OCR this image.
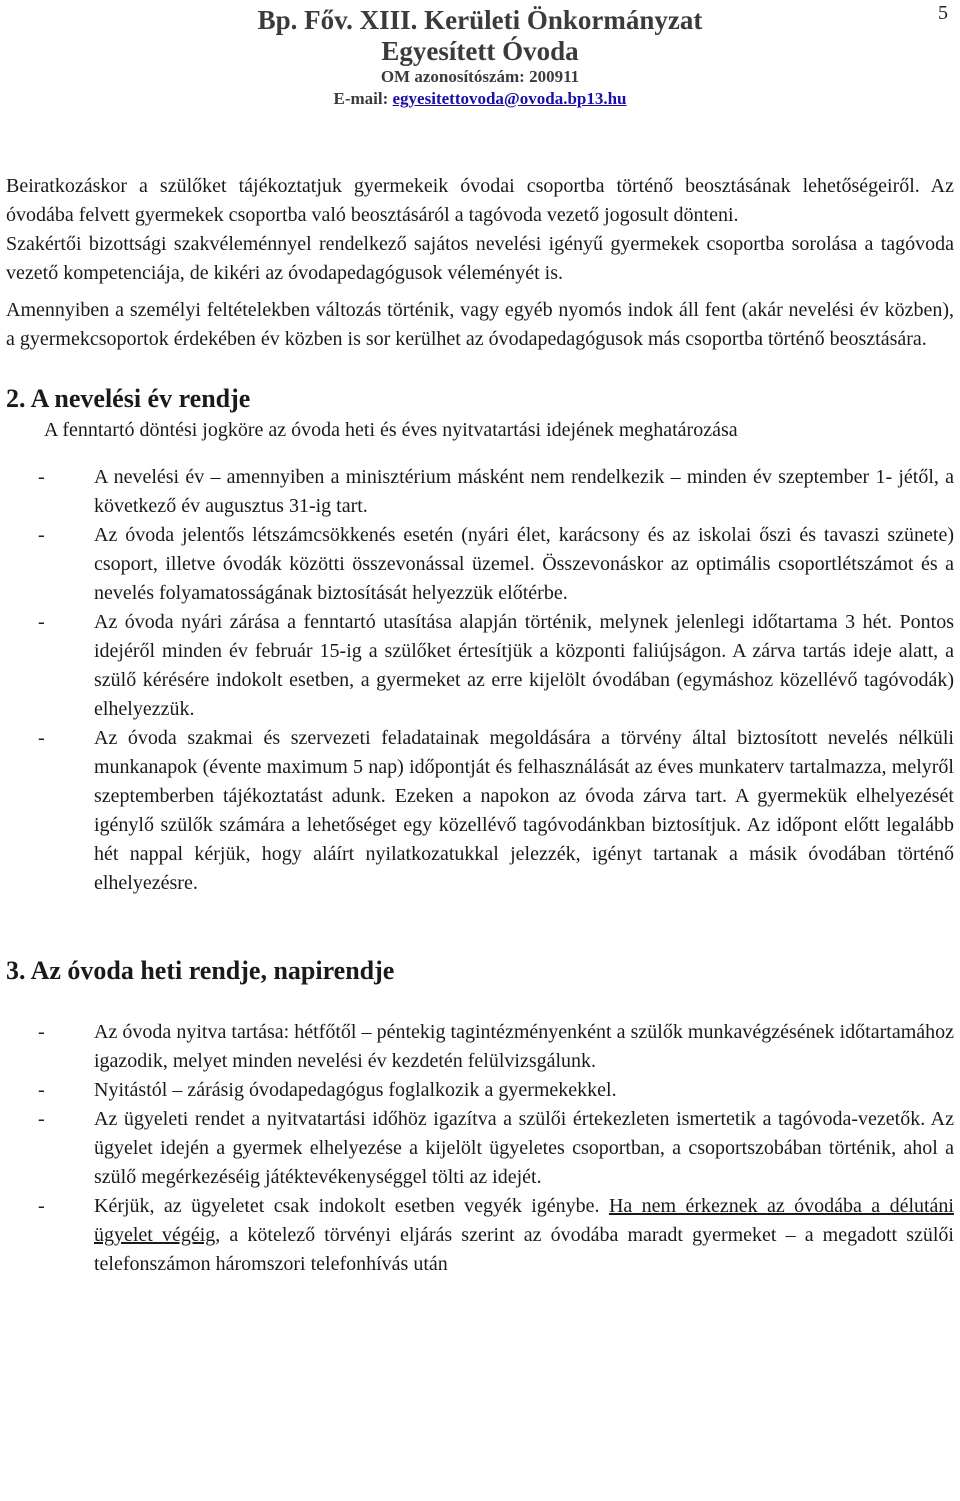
Bp. Főv. XIII. Kerületi Önkormányzat
Egyesített Óvoda
OM azonosítószám: 200911
E-mail: egyesitettovoda@ovoda.bp13.hu
5

Beiratkozáskor a szülőket tájékoztatjuk gyermekeik óvodai csoportba történő beosztásának lehetőségeiről. Az óvodába felvett gyermekek csoportba való beosztásáról a tagóvoda vezető jogosult dönteni.

Szakértői bizottsági szakvéleménnyel rendelkező sajátos nevelési igényű gyermekek csoportba sorolása a tagóvoda vezető kompetenciája, de kikéri az óvodapedagógusok véleményét is.

Amennyiben a személyi feltételekben változás történik, vagy egyéb nyomós indok áll fent (akár nevelési év közben), a gyermekcsoportok érdekében év közben is sor kerülhet az óvodapedagógusok más csoportba történő beosztására.

2. A nevelési év rendje

A fenntartó döntési jogköre az óvoda heti és éves nyitvatartási idejének meghatározása

- A nevelési év – amennyiben a minisztérium másként nem rendelkezik – minden év szeptember 1- jétől, a következő év augusztus 31-ig tart.
- Az óvoda jelentős létszámcsökkenés esetén (nyári élet, karácsony és az iskolai őszi és tavaszi szünete) csoport, illetve óvodák közötti összevonással üzemel. Összevonáskor az optimális csoportlétszámot és a nevelés folyamatosságának biztosítását helyezzük előtérbe.
- Az óvoda nyári zárása a fenntartó utasítása alapján történik, melynek jelenlegi időtartama 3 hét. Pontos idejéről minden év február 15-ig a szülőket értesítjük a központi faliújságon. A zárva tartás ideje alatt, a szülő kérésére indokolt esetben, a gyermeket az erre kijelölt óvodában (egymáshoz közellévő tagóvodák) elhelyezzük.
- Az óvoda szakmai és szervezeti feladatainak megoldására a törvény által biztosított nevelés nélküli munkanapok (évente maximum 5 nap) időpontját és felhasználását az éves munkaterv tartalmazza, melyről szeptemberben tájékoztatást adunk. Ezeken a napokon az óvoda zárva tart. A gyermekük elhelyezését igénylő szülők számára a lehetőséget egy közellévő tagóvodánkban biztosítjuk. Az időpont előtt legalább hét nappal kérjük, hogy aláírt nyilatkozatukkal jelezzék, igényt tartanak a másik óvodában történő elhelyezésre.
3. Az óvoda heti rendje, napirendje
- Az óvoda nyitva tartása: hétfőtől – péntekig tagintézményenként a szülők munkavégzésének időtartamához igazodik, melyet minden nevelési év kezdetén felülvizsgálunk.
- Nyitástól – zárásig óvodapedagógus foglalkozik a gyermekekkel.
- Az ügyeleti rendet a nyitvatartási időhöz igazítva a szülői értekezleten ismertetik a tagóvoda-vezetők. Az ügyelet idején a gyermek elhelyezése a kijelölt ügyeletes csoportban, a csoportszobában történik, ahol a szülő megérkezéséig játéktevékenységgel tölti az idejét.
- Kérjük, az ügyeletet csak indokolt esetben vegyék igénybe. Ha nem érkeznek az óvodába a délutáni ügyelet végéig, a kötelező törvényi eljárás szerint az óvodába maradt gyermeket – a megadott szülői telefonszámon háromszori telefonhívás után
